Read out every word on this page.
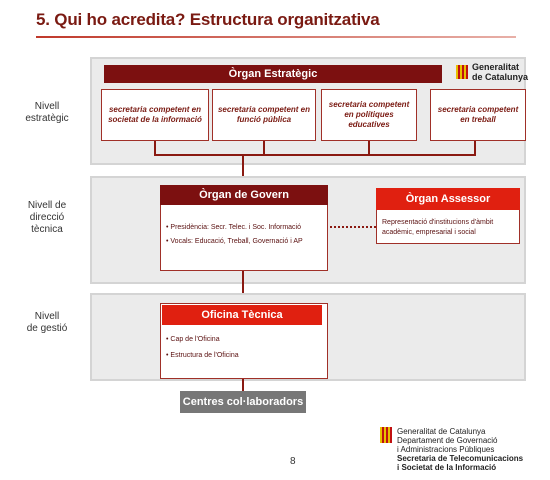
5. Qui ho acredita? Estructura organitzativa
Nivell
estratègic
Nivell de
direcció
tècnica
Nivell
de gestió
Òrgan Estratègic
Generalitat
de Catalunya
secretaria competent en societat de la informació
secretaria competent en funció pública
secretaria competent en polítiques educatives
secretaria competent en treball
Òrgan de Govern
• Presidència: Secr. Telec. i Soc. Informació
• Vocals: Educació, Treball, Governació i AP
Òrgan Assessor
Representació d'institucions d'àmbit
acadèmic, empresarial i social
Oficina Tècnica
• Cap de l'Oficina
• Estructura de l'Oficina
Centres col·laboradors
8
Generalitat de Catalunya
Departament de Governació
i Administracions Públiques
Secretaria de Telecomunicacions
i Societat de la Informació
